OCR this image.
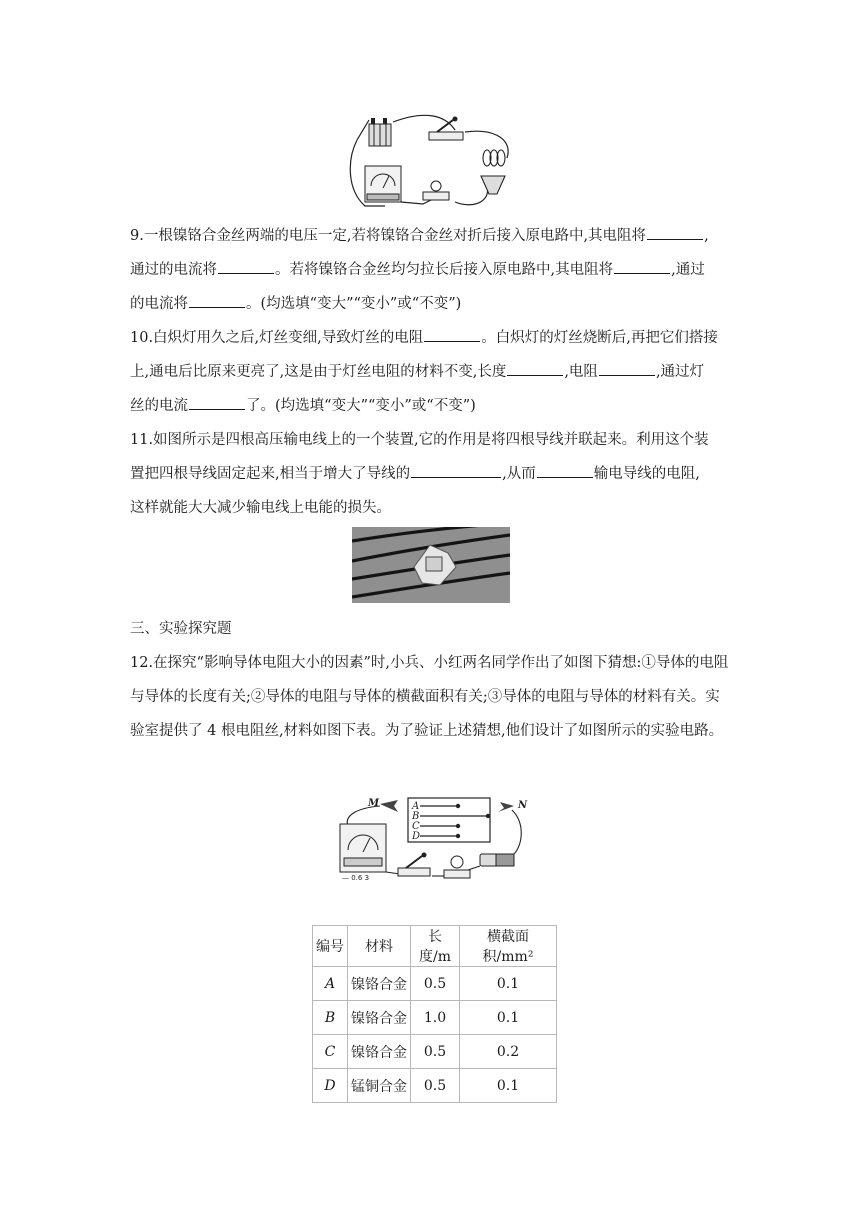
9.一根镍铬合金丝两端的电压一定,若将镍铬合金丝对折后接入原电路中,其电阻将	,
通过的电流将	。若将镍铬合金丝均匀拉长后接入原电路中,其电阻将	,通过
的电流将	。(均选填“变大”“变小”或“不变”)

10.白炽灯用久之后,灯丝变细,导致灯丝的电阻	。白炽灯的灯丝烧断后,再把它们搭接
上,通电后比原来更亮了,这是由于灯丝电阻的材料不变,长度	,电阻	,通过灯
丝的电流	了。(均选填“变大”“变小”或“不变”)

11.如图所示是四根高压输电线上的一个装置,它的作用是将四根导线并联起来。利用这个装
置把四根导线固定起来,相当于增大了导线的	,从而	输电导线的电阻,
这样就能大大减少输电线上电能的损失。

三、实验探究题

12.在探究“影响导体电阻大小的因素”时,小兵、小红两名同学作出了如图下猜想:①导体的电阻与导体的长度有关;②导体的电阻与导体的横截面积有关;③导体的电阻与导体的材料有关。实验室提供了 4 根电阻丝,材料如图下表。为了验证上述猜想,他们设计了如图所示的实验电路。

A
B
C
D
M	N
— 0.6 3
编号	材料	长度/m	横截面积/mm²
A	镍铬合金	0.5	0.1
B	镍铬合金	1.0	0.1
C	镍铬合金	0.5	0.2
D	锰铜合金	0.5	0.1
